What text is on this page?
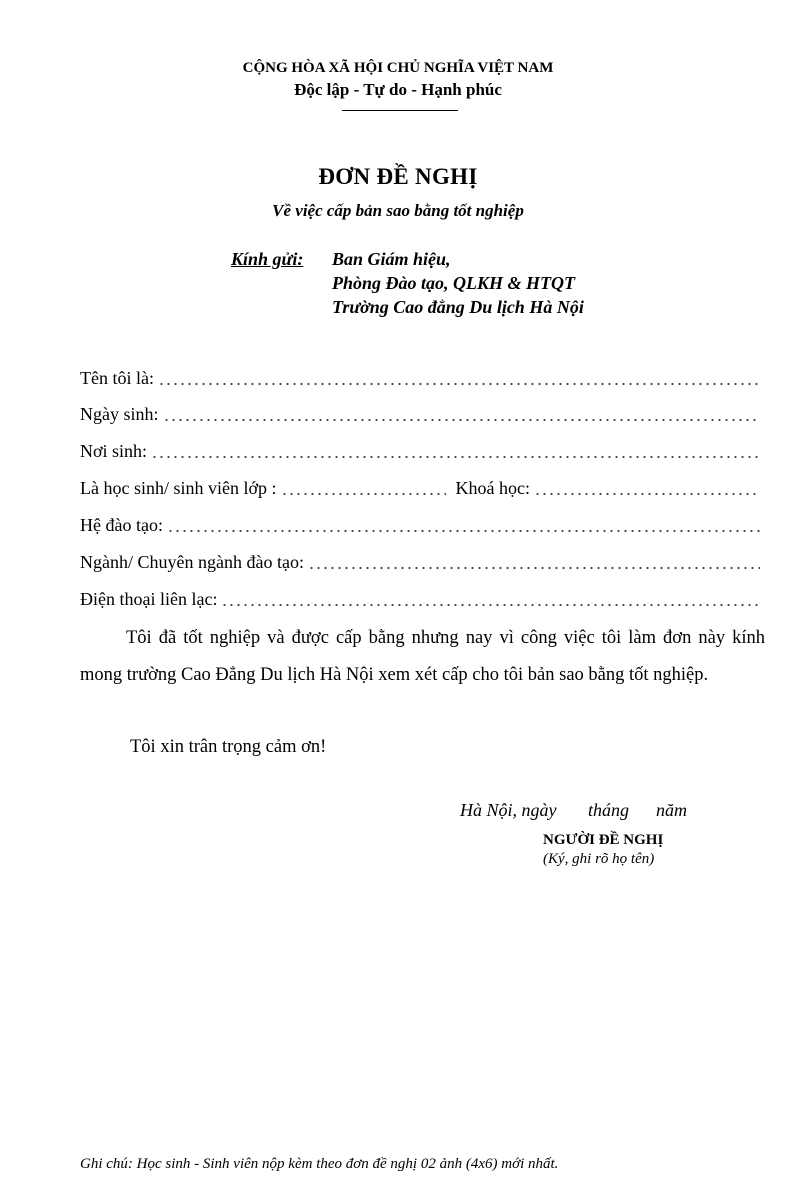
CỘNG HÒA XÃ HỘI CHỦ NGHĨA VIỆT NAM
Độc lập - Tự do - Hạnh phúc
ĐƠN ĐỀ NGHỊ
Về việc cấp bản sao bằng tốt nghiệp
Kính gửi: Ban Giám hiệu,
Phòng Đào tạo, QLKH & HTQT
Trường Cao đẳng Du lịch Hà Nội
Tên tôi là:
Ngày sinh:
Nơi sinh:
Là học sinh/ sinh viên lớp :	Khoá học:
Hệ đào tạo:
Ngành/ Chuyên ngành đào tạo:
Điện thoại liên lạc:
Tôi đã tốt nghiệp và được cấp bằng nhưng nay vì công việc tôi làm đơn này kính mong trường Cao Đẳng Du lịch Hà Nội xem xét cấp cho tôi bản sao bằng tốt nghiệp.
Tôi xin trân trọng cảm ơn!
Hà Nội, ngày       tháng      năm
NGƯỜI ĐỀ NGHỊ
(Ký, ghi rõ họ tên)
Ghi chú: Học sinh - Sinh viên nộp kèm theo đơn đề nghị 02 ảnh (4x6) mới nhất.
